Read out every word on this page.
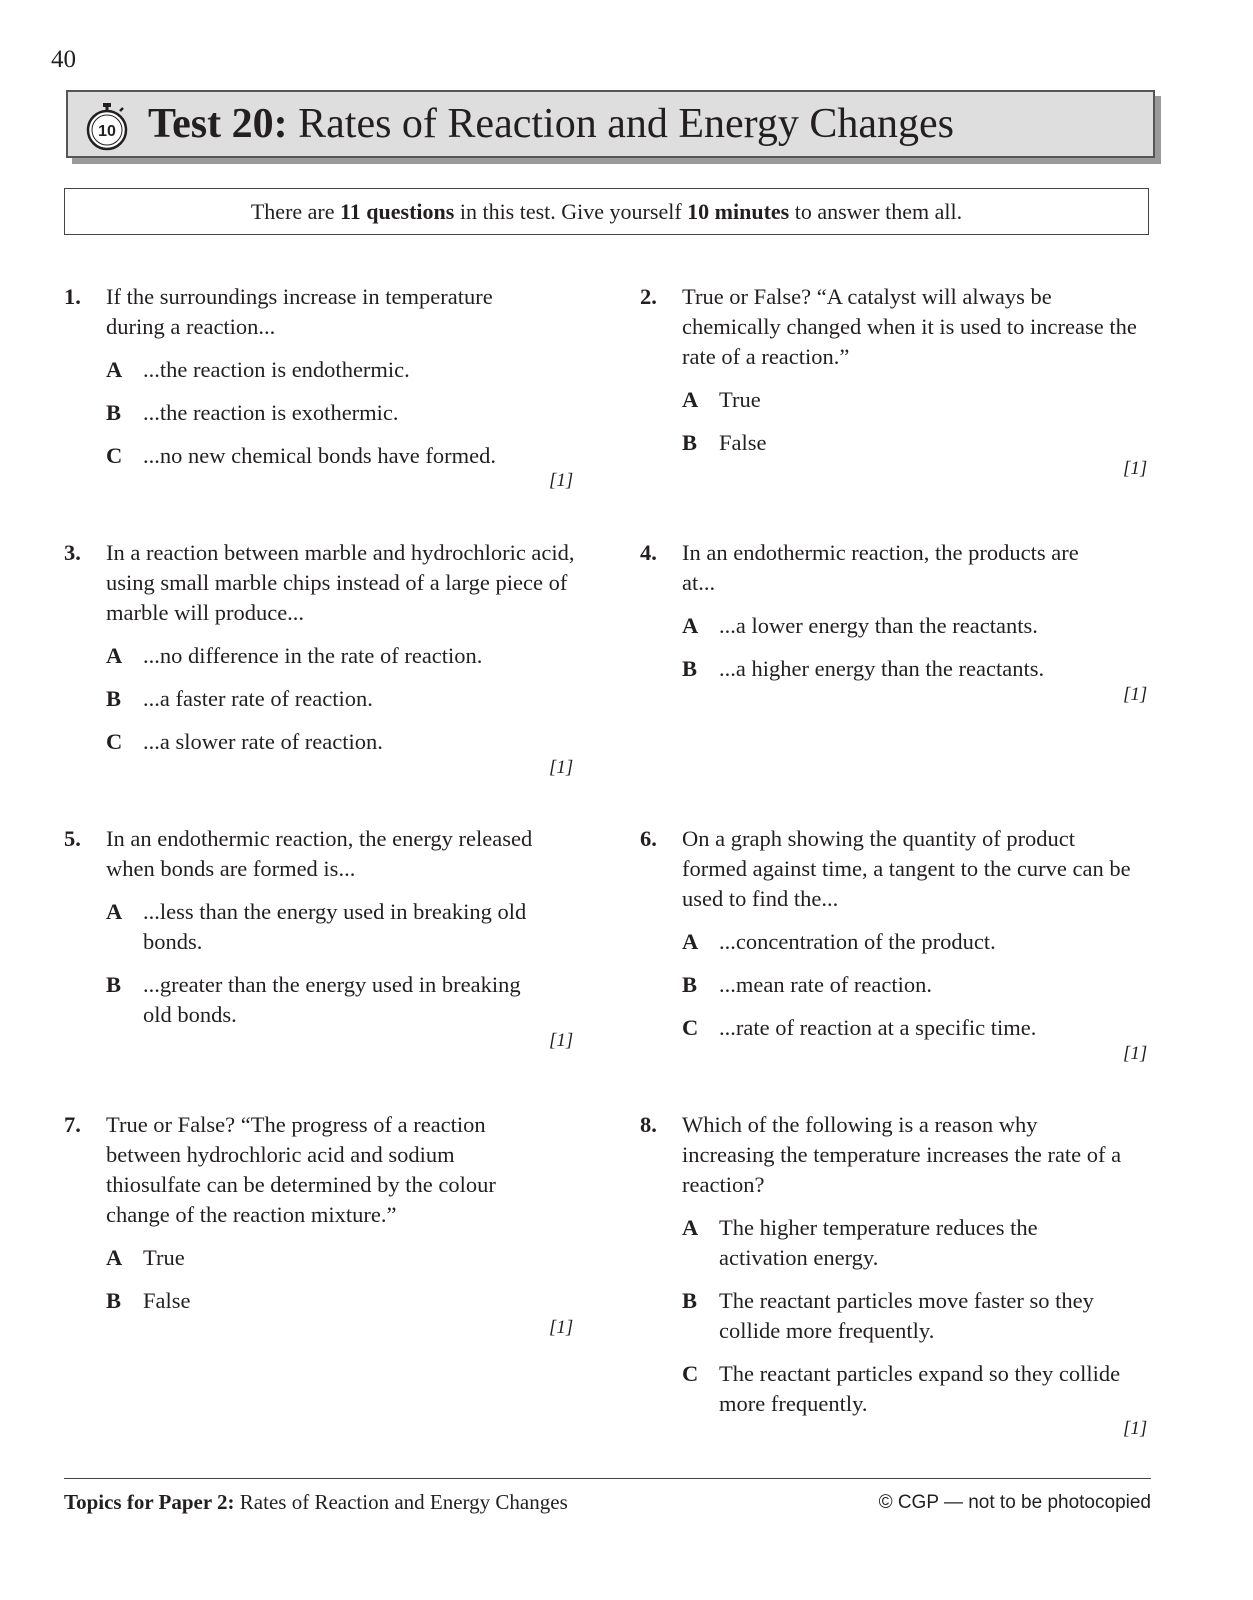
40
10 Test 20: Rates of Reaction and Energy Changes
There are 11 questions in this test. Give yourself 10 minutes to answer them all.
1. If the surroundings increase in temperature during a reaction...
A ...the reaction is endothermic.
B ...the reaction is exothermic.
C ...no new chemical bonds have formed.
[1]
2. True or False? “A catalyst will always be chemically changed when it is used to increase the rate of a reaction.”
A True
B False
[1]
3. In a reaction between marble and hydrochloric acid, using small marble chips instead of a large piece of marble will produce...
A ...no difference in the rate of reaction.
B ...a faster rate of reaction.
C ...a slower rate of reaction.
[1]
4. In an endothermic reaction, the products are at...
A ...a lower energy than the reactants.
B ...a higher energy than the reactants.
[1]
5. In an endothermic reaction, the energy released when bonds are formed is...
A ...less than the energy used in breaking old bonds.
B ...greater than the energy used in breaking old bonds.
[1]
6. On a graph showing the quantity of product formed against time, a tangent to the curve can be used to find the...
A ...concentration of the product.
B ...mean rate of reaction.
C ...rate of reaction at a specific time.
[1]
7. True or False? “The progress of a reaction between hydrochloric acid and sodium thiosulfate can be determined by the colour change of the reaction mixture.”
A True
B False
[1]
8. Which of the following is a reason why increasing the temperature increases the rate of a reaction?
A The higher temperature reduces the activation energy.
B The reactant particles move faster so they collide more frequently.
C The reactant particles expand so they collide more frequently.
[1]
Topics for Paper 2: Rates of Reaction and Energy Changes	© CGP — not to be photocopied
